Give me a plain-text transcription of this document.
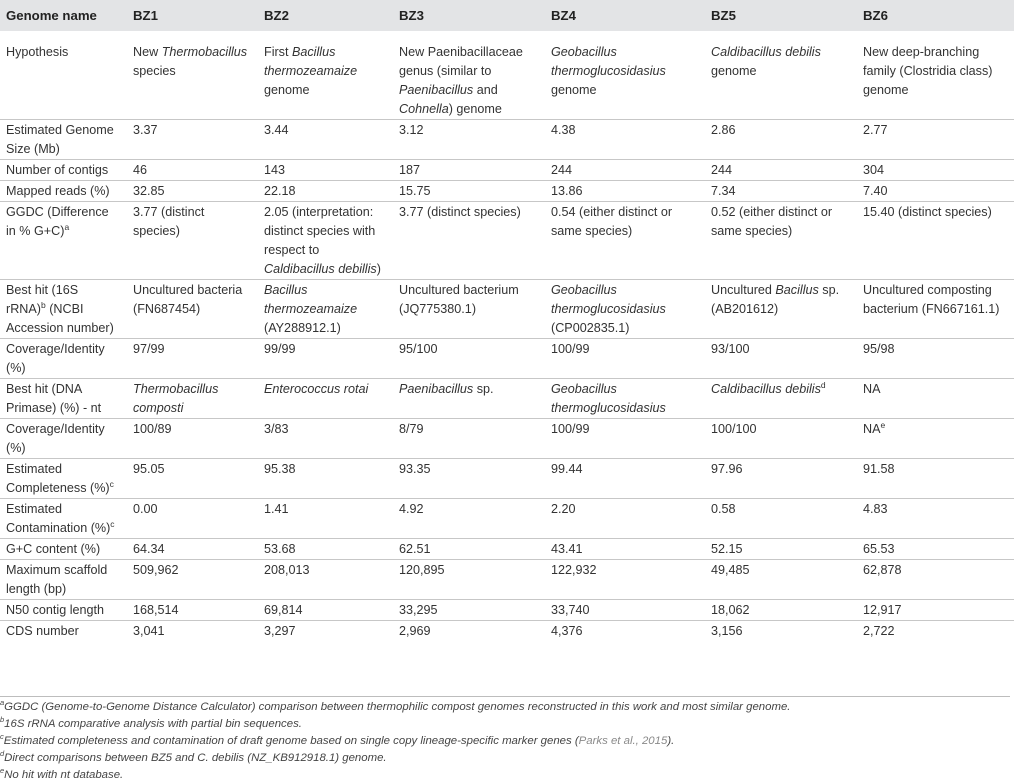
Genome name	BZ1	BZ2	BZ3	BZ4	BZ5	BZ6
Hypothesis	New Thermobacillus species	First Bacillus thermozeamaize genome	New Paenibacillaceae genus (similar to Paenibacillus and Cohnella) genome	Geobacillus thermoglucosidasius genome	Caldibacillus debilis genome	New deep-branching family (Clostridia class) genome
Estimated Genome Size (Mb)	3.37	3.44	3.12	4.38	2.86	2.77
Number of contigs	46	143	187	244	244	304
Mapped reads (%)	32.85	22.18	15.75	13.86	7.34	7.40
GGDC (Difference in % G+C)$^a$	3.77 (distinct species)	2.05 (interpretation: distinct species with respect to Caldibacillus debillis)	3.77 (distinct species)	0.54 (either distinct or same species)	0.52 (either distinct or same species)	15.40 (distinct species)
Best hit (16S rRNA)$^b$ (NCBI Accession number)	Uncultured bacteria (FN687454)	Bacillus thermozeamaize (AY288912.1)	Uncultured bacterium (JQ775380.1)	Geobacillus thermoglucosidasius (CP002835.1)	Uncultured Bacillus sp. (AB201612)	Uncultured composting bacterium (FN667161.1)
Coverage/Identity (%)	97/99	99/99	95/100	100/99	93/100	95/98
Best hit (DNA Primase) (%) - nt	Thermobacillus composti	Enterococcus rotai	Paenibacillus sp.	Geobacillus thermoglucosidasius	Caldibacillus debilis$^d$	NA
Coverage/Identity (%)	100/89	3/83	8/79	100/99	100/100	$NA^e$
Estimated Completeness (%)$^c$	95.05	95.38	93.35	99.44	97.96	91.58
Estimated Contamination (%)$^c$	0.00	1.41	4.92	2.20	0.58	4.83
G+C content (%)	64.34	53.68	62.51	43.41	52.15	65.53
Maximum scaffold length (bp)	509,962	208,013	120,895	122,932	49,485	62,878
N50 contig length	168,514	69,814	33,295	33,740	18,062	12,917
CDS number	3,041	3,297	2,969	4,376	3,156	2,722
$^a$GGDC (Genome-to-Genome Distance Calculator) comparison between thermophilic compost genomes reconstructed in this work and most similar genome.
$^b$16S rRNA comparative analysis with partial bin sequences.
$^c$Estimated completeness and contamination of draft genome based on single copy lineage-specific marker genes (Parks et al., 2015).
$^d$Direct comparisons between BZ5 and C. debilis (NZ_KB912918.1) genome.
$^e$No hit with nt database.
